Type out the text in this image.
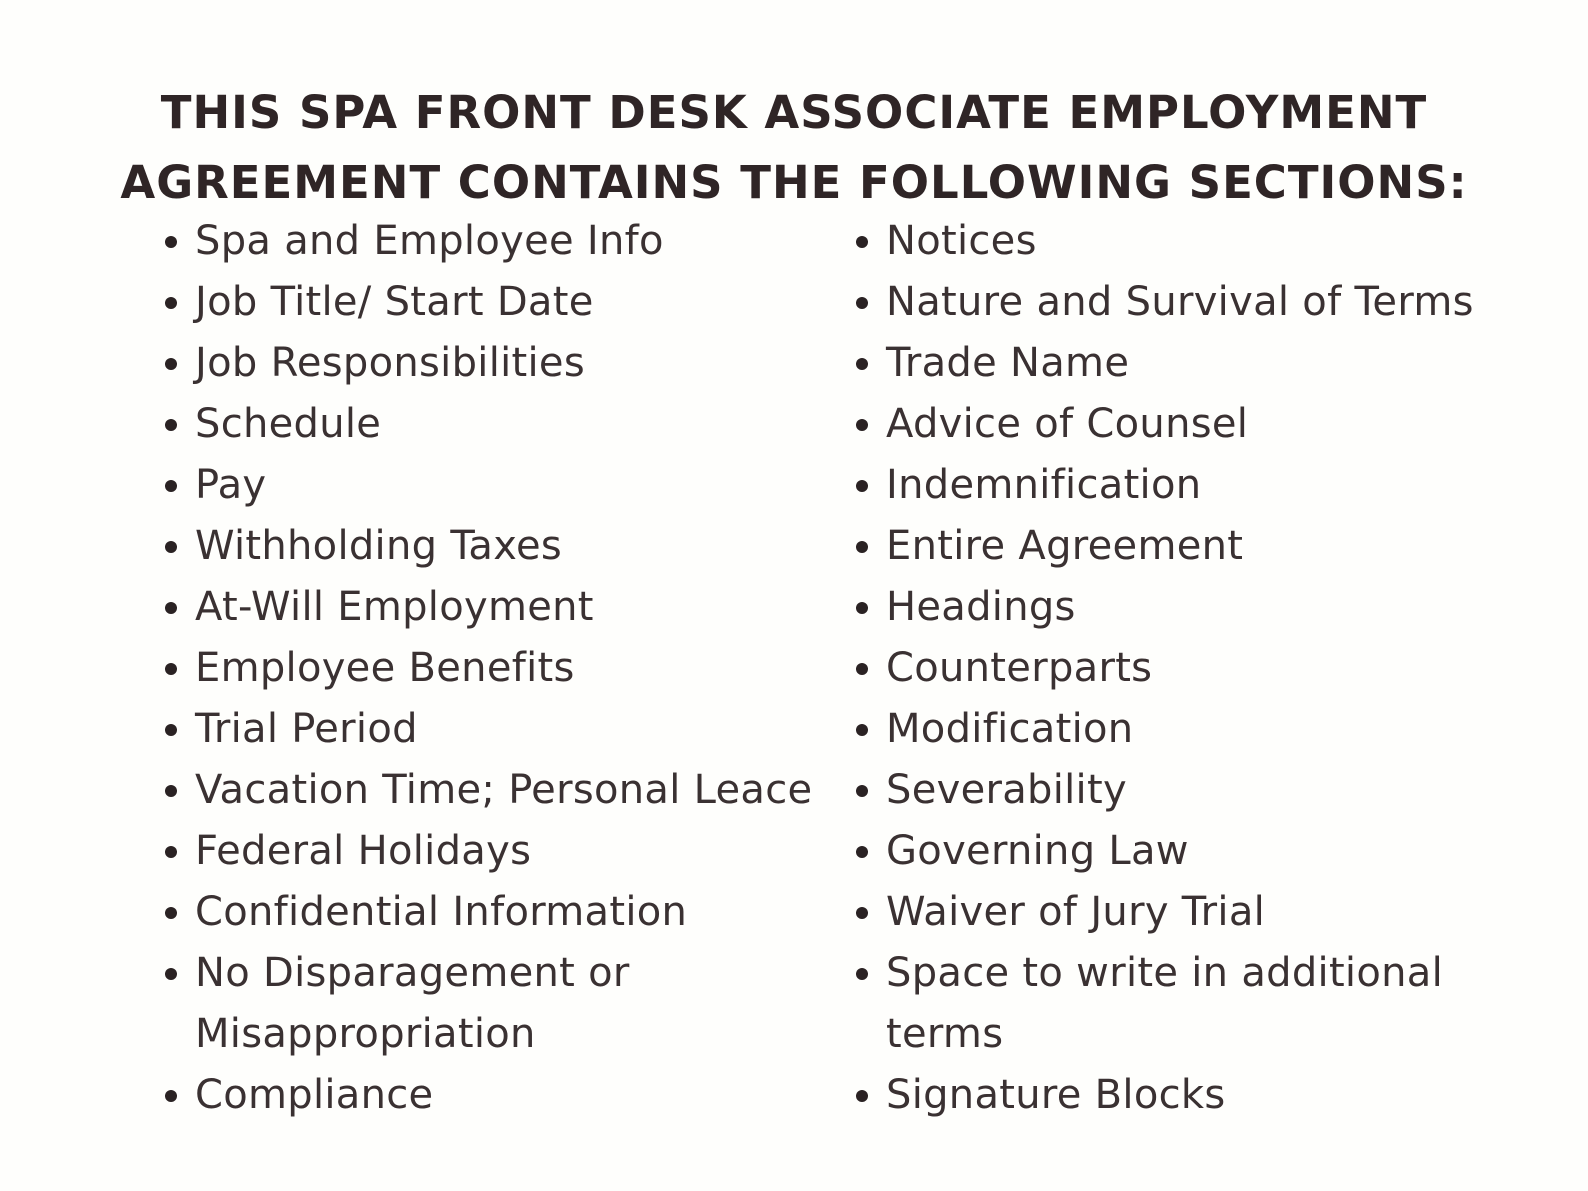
THIS SPA FRONT DESK ASSOCIATE EMPLOYMENT
AGREEMENT CONTAINS THE FOLLOWING SECTIONS:
Spa and Employee Info
Job Title/ Start Date
Job Responsibilities
Schedule
Pay
Withholding Taxes
At-Will Employment
Employee Benefits
Trial Period
Vacation Time; Personal Leace
Federal Holidays
Confidential Information
No Disparagement or Misappropriation
Compliance
Notices
Nature and Survival of Terms
Trade Name
Advice of Counsel
Indemnification
Entire Agreement
Headings
Counterparts
Modification
Severability
Governing Law
Waiver of Jury Trial
Space to write in additional terms
Signature Blocks
